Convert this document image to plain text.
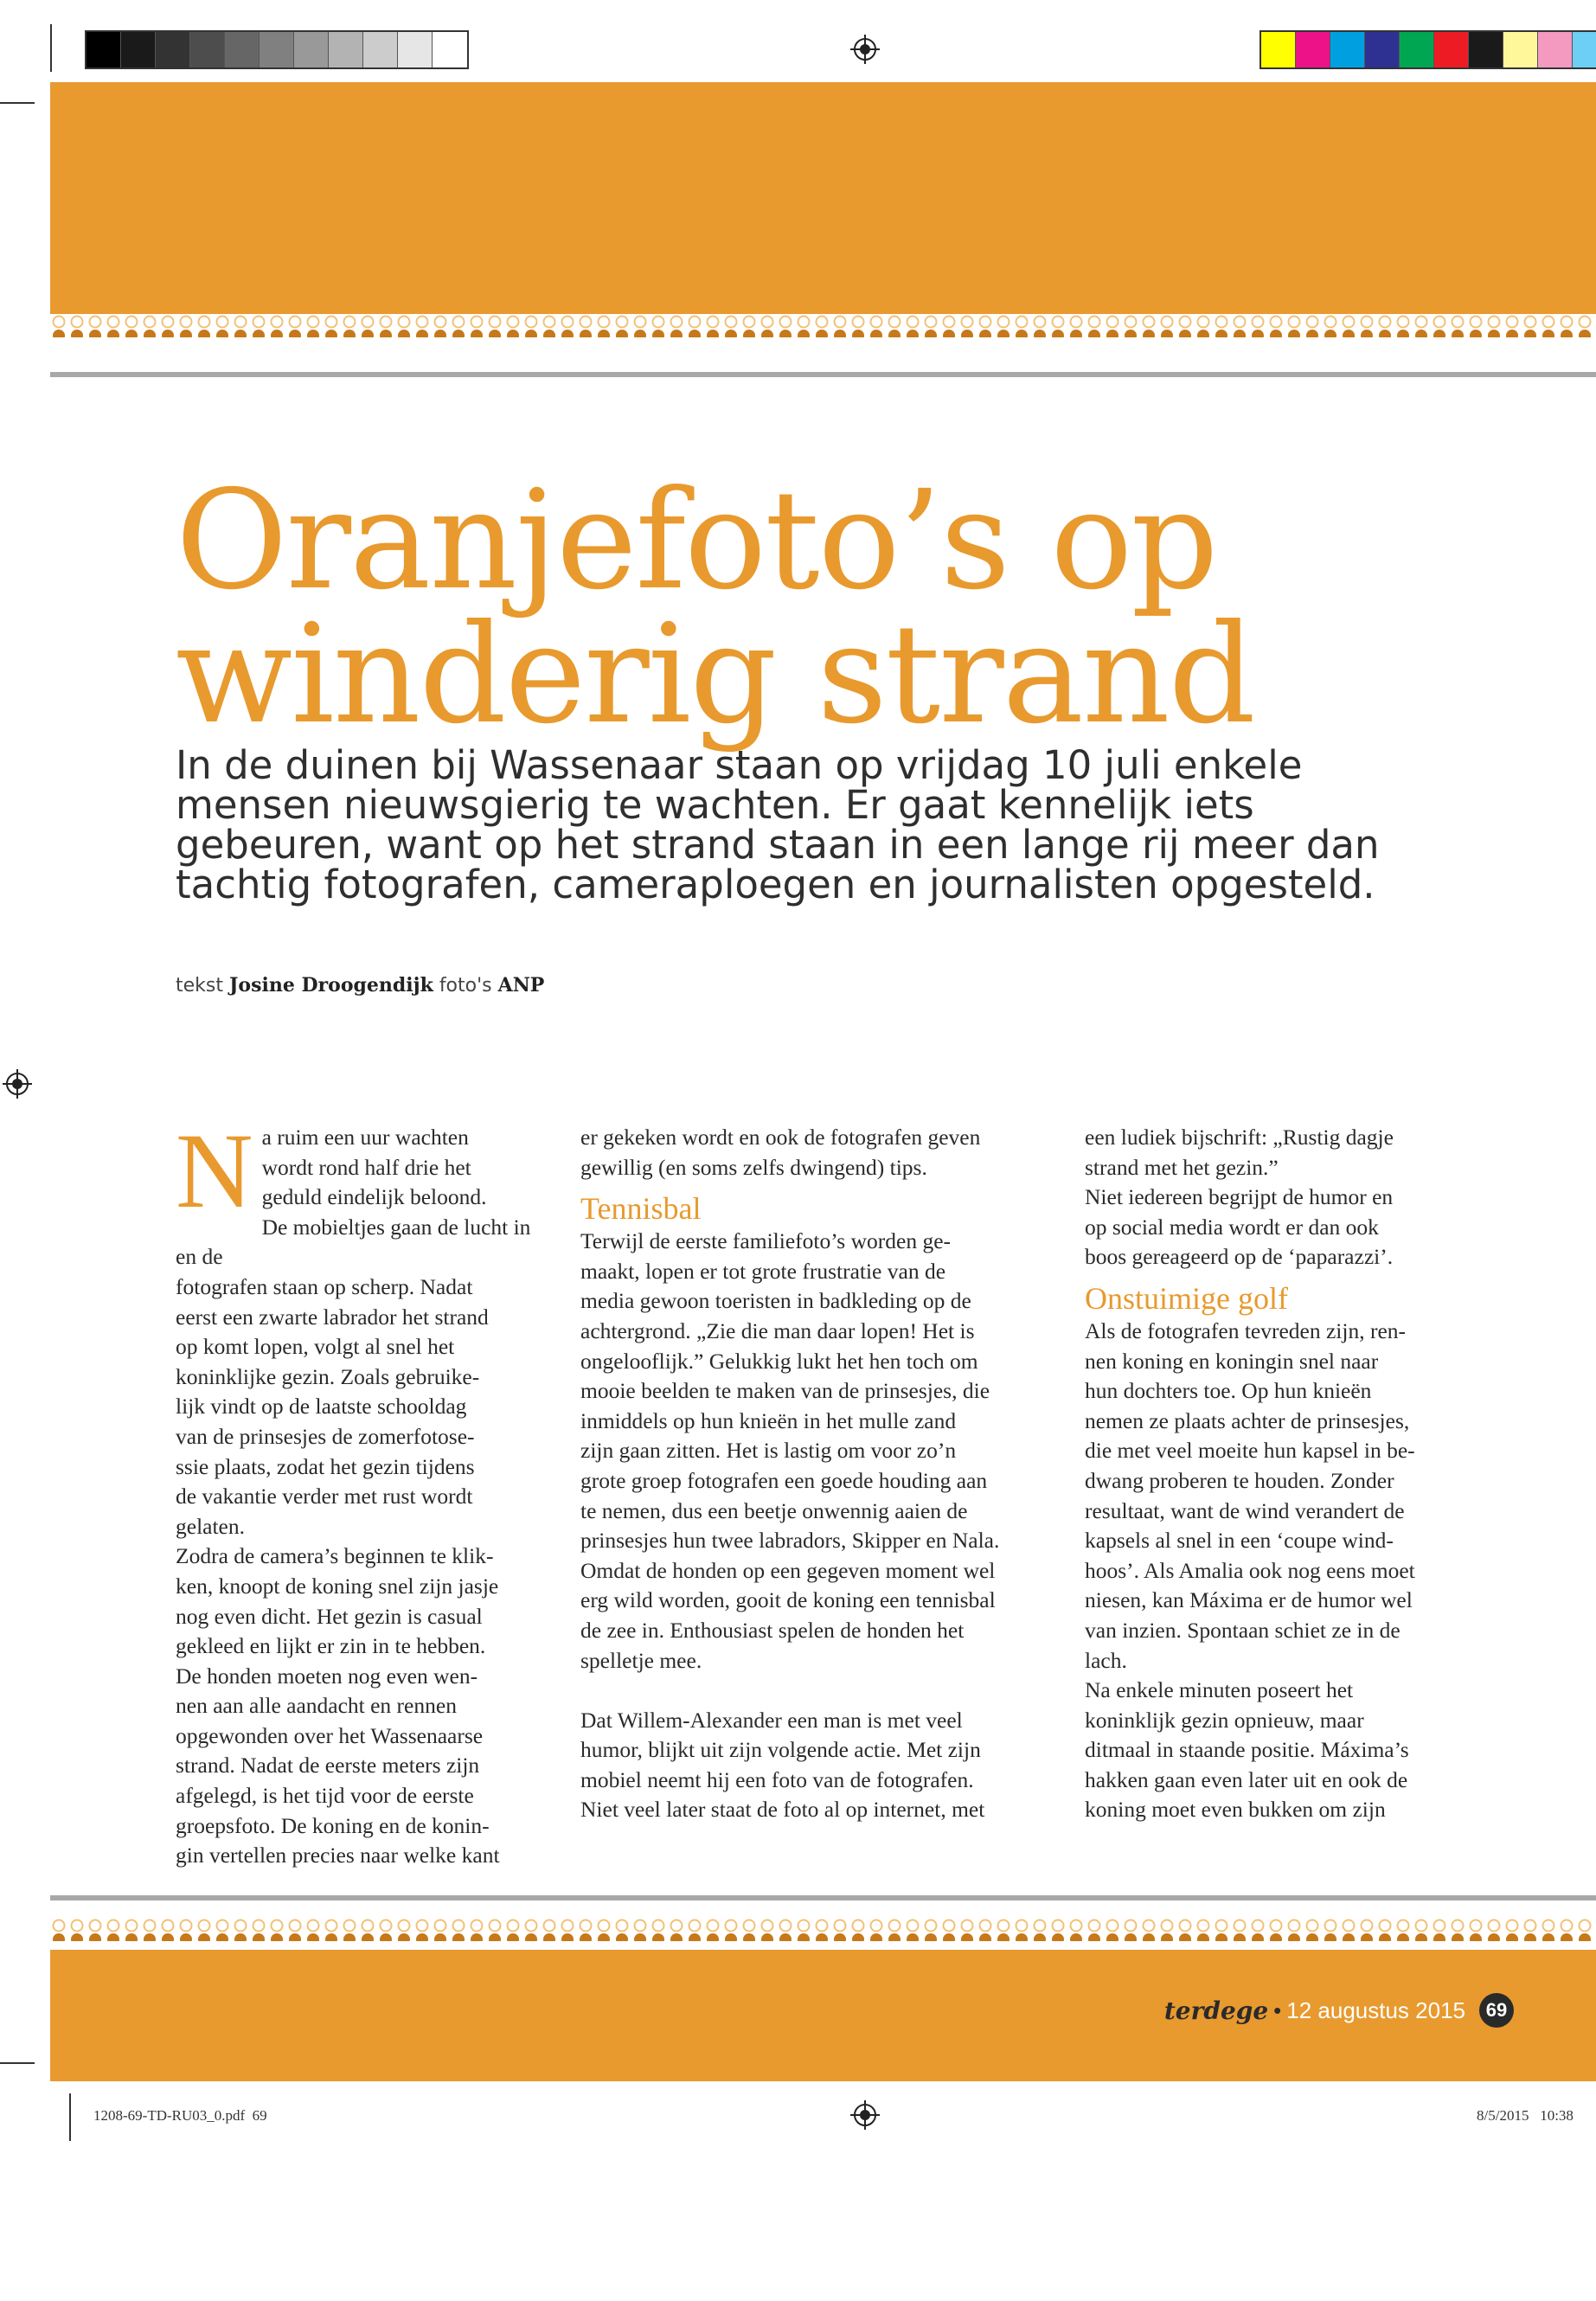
Oranjefoto’s op
winderig strand
In de duinen bij Wassenaar staan op vrijdag 10 juli enkele
mensen nieuwsgierig te wachten. Er gaat kennelijk iets
gebeuren, want op het strand staan in een lange rij meer dan
tachtig fotografen, cameraploegen en journalisten opgesteld.
tekst Josine Droogendijk foto's ANP
N a ruim een uur wachten
wordt rond half drie het
geduld eindelijk beloond.
De mobieltjes gaan de lucht in en de
fotografen staan op scherp. Nadat
eerst een zwarte labrador het strand
op komt lopen, volgt al snel het
koninklijke gezin. Zoals gebruike-
lijk vindt op de laatste schooldag
van de prinsesjes de zomerfotose-
ssie plaats, zodat het gezin tijdens
de vakantie verder met rust wordt
gelaten.
Zodra de camera’s beginnen te klik-
ken, knoopt de koning snel zijn jasje
nog even dicht. Het gezin is casual
gekleed en lijkt er zin in te hebben.
De honden moeten nog even wen-
nen aan alle aandacht en rennen
opgewonden over het Wassenaarse
strand. Nadat de eerste meters zijn
afgelegd, is het tijd voor de eerste
groepsfoto. De koning en de konin-
gin vertellen precies naar welke kant
er gekeken wordt en ook de fotografen geven
gewillig (en soms zelfs dwingend) tips.
Tennisbal
Terwijl de eerste familiefoto’s worden ge-
maakt, lopen er tot grote frustratie van de
media gewoon toeristen in badkleding op de
achtergrond. „Zie die man daar lopen! Het is
ongelooflijk.” Gelukkig lukt het hen toch om
mooie beelden te maken van de prinsesjes, die
inmiddels op hun knieën in het mulle zand
zijn gaan zitten. Het is lastig om voor zo’n
grote groep fotografen een goede houding aan
te nemen, dus een beetje onwennig aaien de
prinsesjes hun twee labradors, Skipper en Nala.
Omdat de honden op een gegeven moment wel
erg wild worden, gooit de koning een tennisbal
de zee in. Enthousiast spelen de honden het
spelletje mee.
Dat Willem-Alexander een man is met veel
humor, blijkt uit zijn volgende actie. Met zijn
mobiel neemt hij een foto van de fotografen.
Niet veel later staat de foto al op internet, met
een ludiek bijschrift: „Rustig dagje
strand met het gezin.”
Niet iedereen begrijpt de humor en
op social media wordt er dan ook
boos gereageerd op de ‘paparazzi’.
Onstuimige golf
Als de fotografen tevreden zijn, ren-
nen koning en koningin snel naar
hun dochters toe. Op hun knieën
nemen ze plaats achter de prinsesjes,
die met veel moeite hun kapsel in be-
dwang proberen te houden. Zonder
resultaat, want de wind verandert de
kapsels al snel in een ‘coupe wind-
hoos’. Als Amalia ook nog eens moet
niesen, kan Máxima er de humor wel
van inzien. Spontaan schiet ze in de
lach.
Na enkele minuten poseert het
koninklijk gezin opnieuw, maar
ditmaal in staande positie. Máxima’s
hakken gaan even later uit en ook de
koning moet even bukken om zijn
terdege • 12 augustus 2015	69
1208-69-TD-RU03_0.pdf 69	8/5/2015 10:38
